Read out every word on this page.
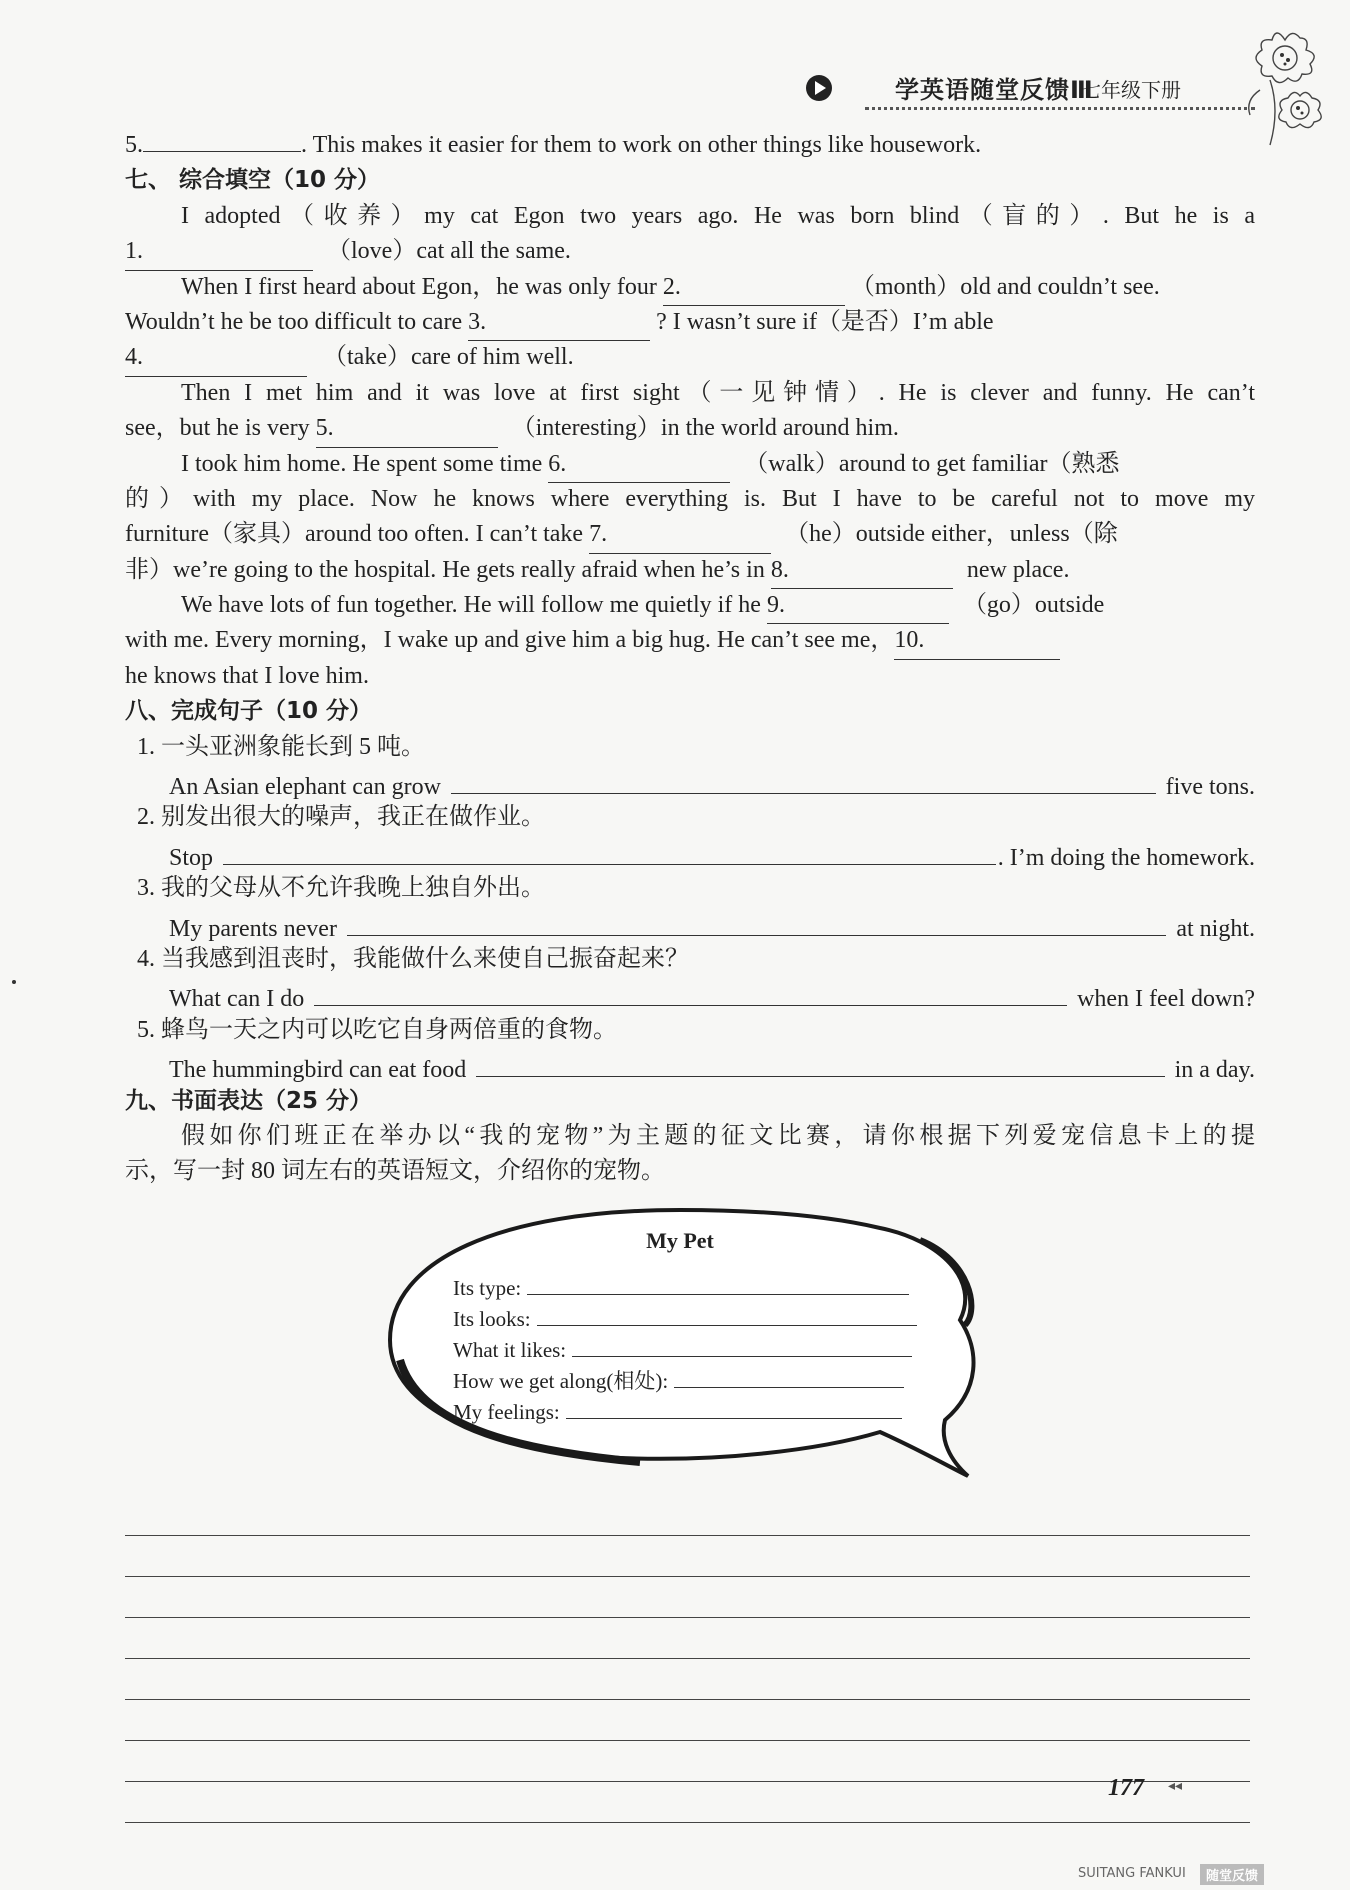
学英语随堂反馈Ⅲ
七年级下册
5.	. This makes it easier for them to work on other things like housework.
七、 综合填空（10 分）
I adopted（收养）my cat Egon two years ago. He was born blind（盲的）. But he is a
1.	（love）cat all the same.
When I first heard about Egon，he was only four 2.	（month）old and couldn’t see.
Wouldn’t he be too difficult to care 3.	? I wasn’t sure if（是否）I’m able
4.	（take）care of him well.
Then I met him and it was love at first sight（一见钟情）. He is clever and funny. He can’t
see，but he is very 5.	（interesting）in the world around him.
I took him home. He spent some time 6.	（walk）around to get familiar（熟悉
的）with my place. Now he knows where everything is. But I have to be careful not to move my
furniture（家具）around too often. I can’t take 7.	（he）outside either，unless（除
非）we’re going to the hospital. He gets really afraid when he’s in 8.	new place.
We have lots of fun together. He will follow me quietly if he 9.	（go）outside
with me. Every morning，I wake up and give him a big hug. He can’t see me，10.
he knows that I love him.
八、完成句子（10 分）
1. 一头亚洲象能长到 5 吨。
An Asian elephant can grow	five tons.
2. 别发出很大的噪声，我正在做作业。
Stop	. I’m doing the homework.
3. 我的父母从不允许我晚上独自外出。
My parents never	at night.
4. 当我感到沮丧时，我能做什么来使自己振奋起来？
What can I do	when I feel down?
5. 蜂鸟一天之内可以吃它自身两倍重的食物。
The hummingbird can eat food	in a day.
九、书面表达（25 分）
假如你们班正在举办以“我的宠物”为主题的征文比赛，请你根据下列爱宠信息卡上的提
示，写一封 80 词左右的英语短文，介绍你的宠物。
My Pet
Its type:
Its looks:
What it likes:
How we get along(相处):
My feelings:
177 ◂◂
SUITANG FANKUI	随堂反馈
